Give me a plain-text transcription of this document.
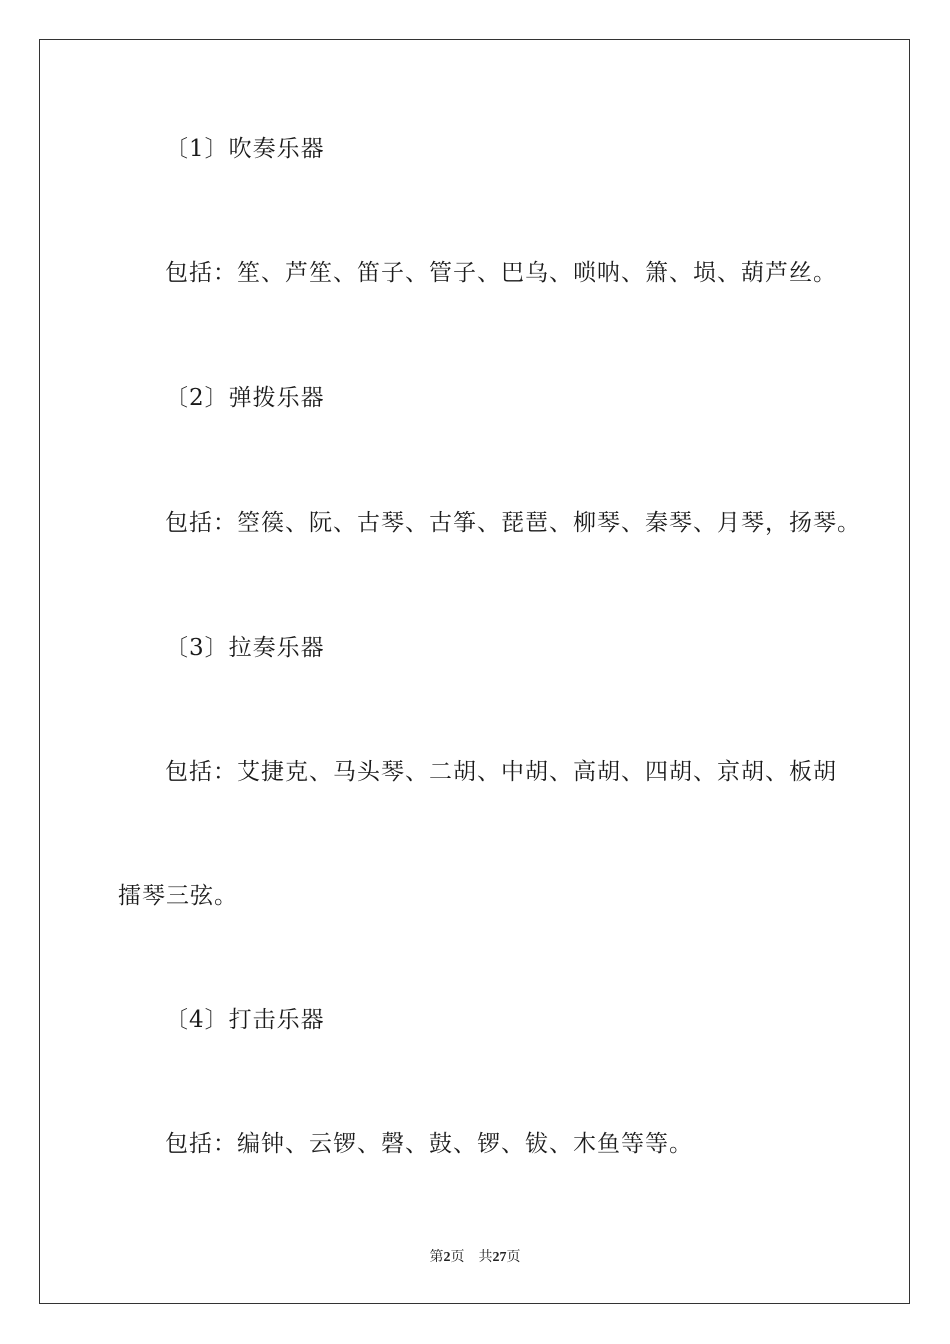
〔1〕吹奏乐器
包括：笙、芦笙、笛子、管子、巴乌、唢呐、箫、埙、葫芦丝。
〔2〕弹拨乐器
包括：箜篌、阮、古琴、古筝、琵琶、柳琴、秦琴、月琴，扬琴。
〔3〕拉奏乐器
包括：艾捷克、马头琴、二胡、中胡、高胡、四胡、京胡、板胡
擂琴三弦。
〔4〕打击乐器
包括：编钟、云锣、磬、鼓、锣、钹、木鱼等等。
第2页 共27页
